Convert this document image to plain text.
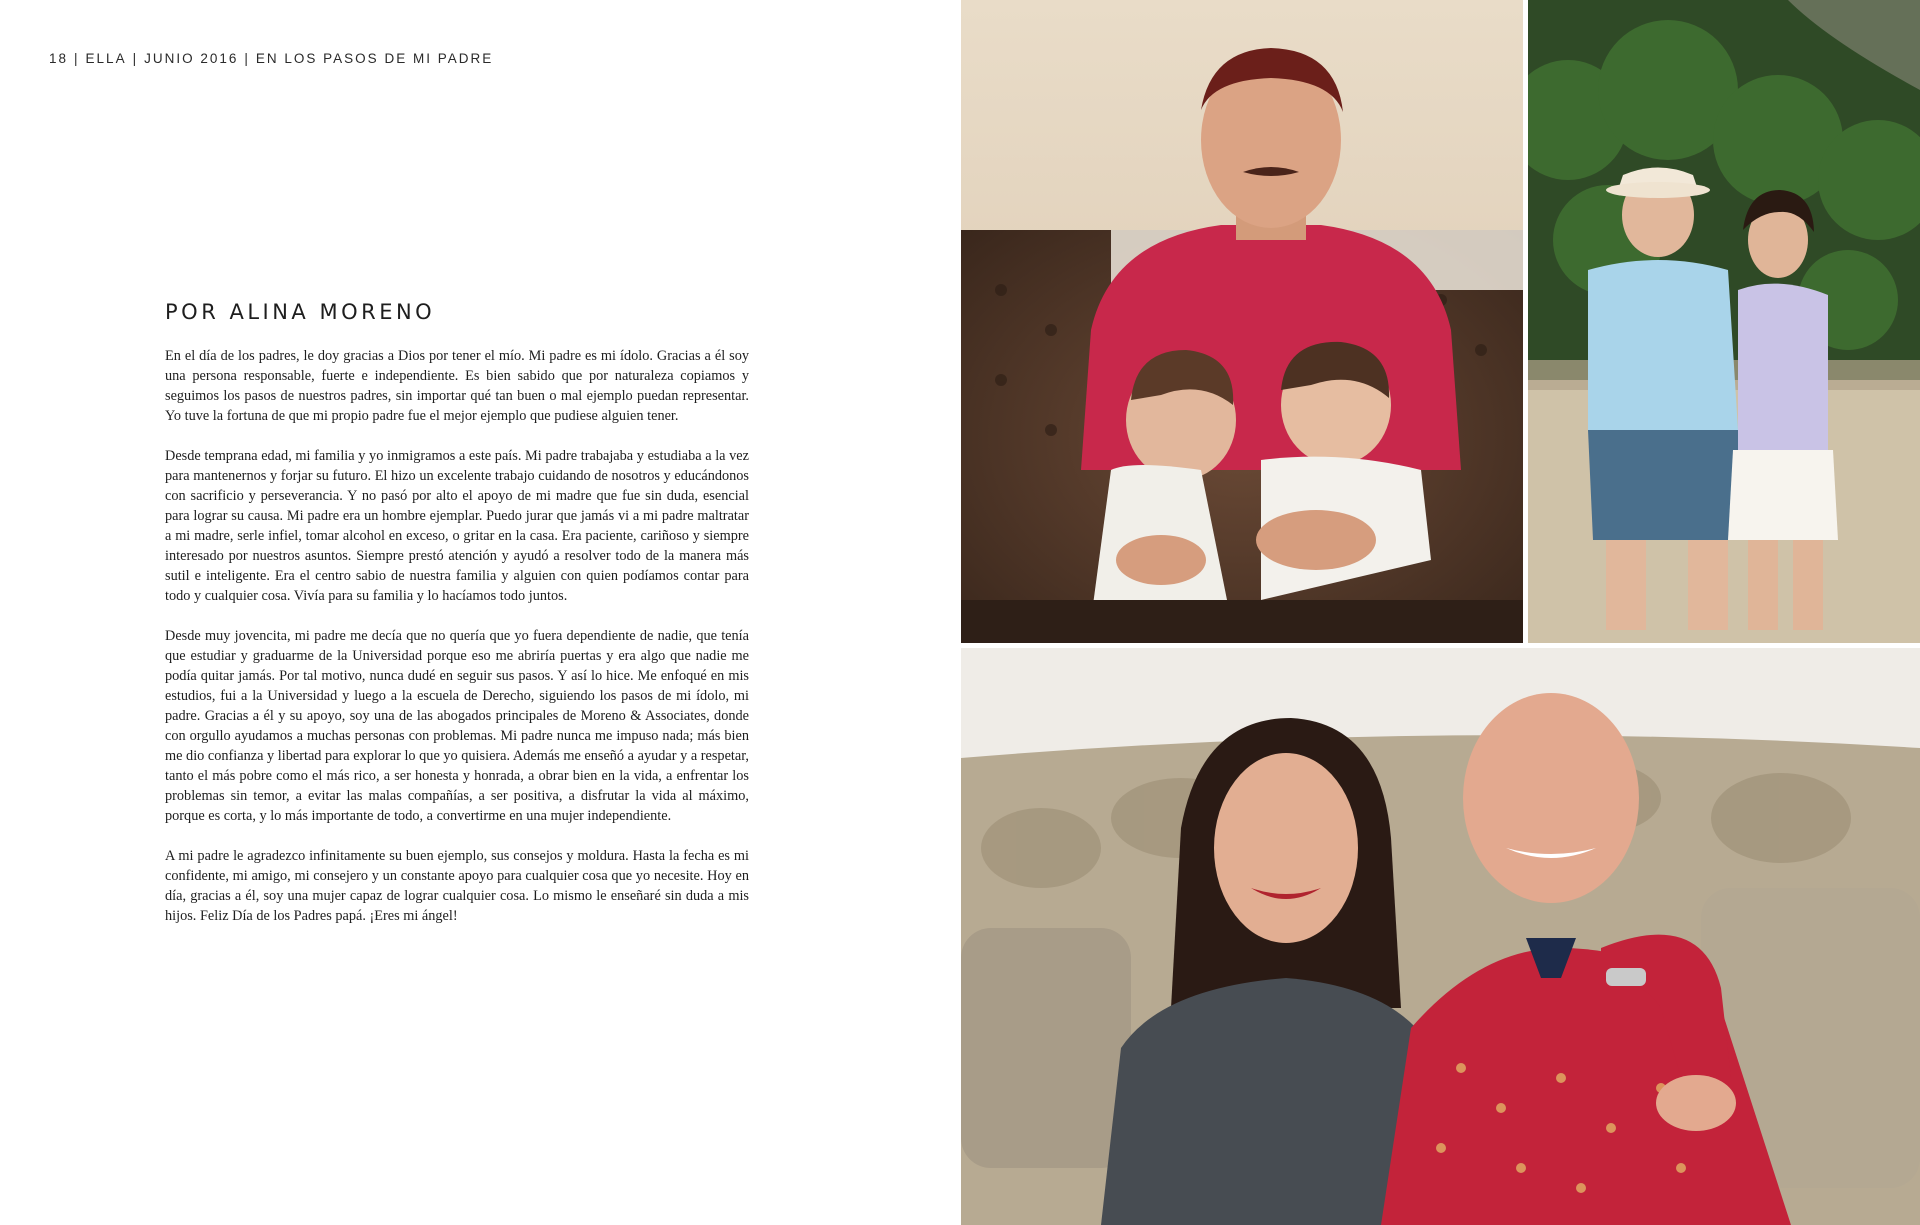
18 | ELLA | JUNIO 2016 | EN LOS PASOS DE MI PADRE
POR ALINA MORENO

En el día de los padres, le doy gracias a Dios por tener el mío. Mi padre es mi ídolo. Gracias a él soy una persona responsable, fuerte e independiente. Es bien sabido que por naturaleza copiamos y seguimos los pasos de nuestros padres, sin importar qué tan buen o mal ejemplo puedan representar. Yo tuve la fortuna de que mi propio padre fue el mejor ejemplo que pudiese alguien tener.

Desde temprana edad, mi familia y yo inmigramos a este país. Mi padre trabajaba y estudiaba a la vez para mantenernos y forjar su futuro. El hizo un excelente trabajo cuidando de nosotros y educándonos con sacrificio y perseverancia. Y no pasó por alto el apoyo de mi madre que fue sin duda, esencial para lograr su causa. Mi padre era un hombre ejemplar. Puedo jurar que jamás vi a mi padre maltratar a mi madre, serle infiel, tomar alcohol en exceso, o gritar en la casa. Era paciente, cariñoso y siempre interesado por nuestros asuntos. Siempre prestó atención y ayudó a resolver todo de la manera más sutil e inteligente. Era el centro sabio de nuestra familia y alguien con quien podíamos contar para todo y cualquier cosa. Vivía para su familia y lo hacíamos todo juntos.

Desde muy jovencita, mi padre me decía que no quería que yo fuera dependiente de nadie, que tenía que estudiar y graduarme de la Universidad porque eso me abriría puertas y era algo que nadie me podía quitar jamás. Por tal motivo, nunca dudé en seguir sus pasos. Y así lo hice. Me enfoqué en mis estudios, fui a la Universidad y luego a la escuela de Derecho, siguiendo los pasos de mi ídolo, mi padre. Gracias a él y su apoyo, soy una de las abogados principales de Moreno & Associates, donde con orgullo ayudamos a muchas personas con problemas. Mi padre nunca me impuso nada; más bien me dio confianza y libertad para explorar lo que yo quisiera. Además me enseñó a ayudar y a respetar, tanto el más pobre como el más rico, a ser honesta y honrada, a obrar bien en la vida, a enfrentar los problemas sin temor, a evitar las malas compañías, a ser positiva, a disfrutar la vida al máximo, porque es corta, y lo más importante de todo, a convertirme en una mujer independiente.

A mi padre le agradezco infinitamente su buen ejemplo, sus consejos y moldura. Hasta la fecha es mi confidente, mi amigo, mi consejero y un constante apoyo para cualquier cosa que yo necesite. Hoy en día, gracias a él, soy una mujer capaz de lograr cualquier cosa. Lo mismo le enseñaré sin duda a mis hijos. Feliz Día de los Padres papá. ¡Eres mi ángel!
